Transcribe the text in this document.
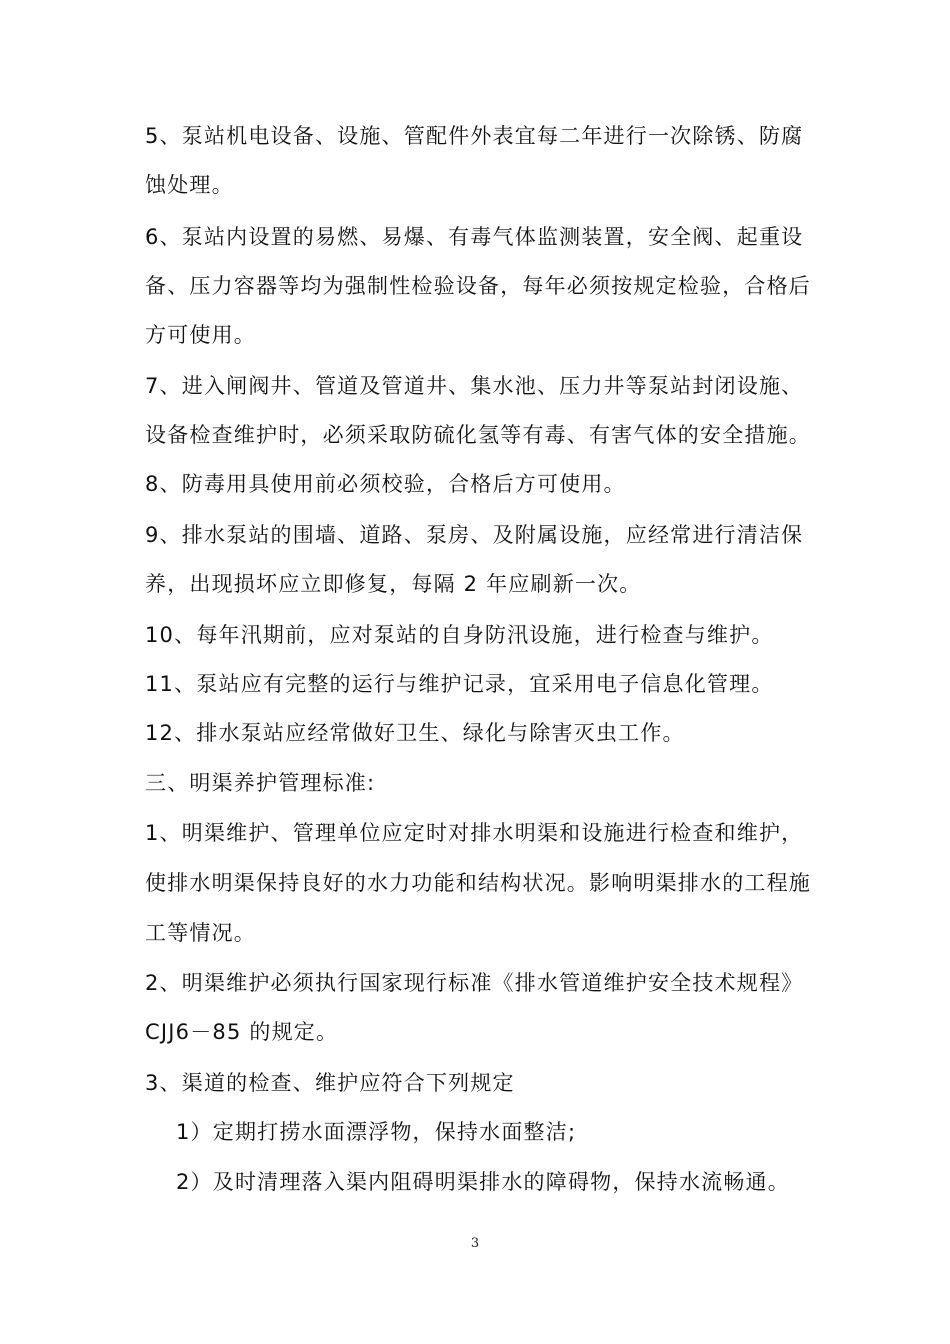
5、泵站机电设备、设施、管配件外表宜每二年进行一次除锈、防腐
蚀处理。
6、泵站内设置的易燃、易爆、有毒气体监测装置，安全阀、起重设
备、压力容器等均为强制性检验设备，每年必须按规定检验，合格后
方可使用。
7、进入闸阀井、管道及管道井、集水池、压力井等泵站封闭设施、
设备检查维护时，必须采取防硫化氢等有毒、有害气体的安全措施。
8、防毒用具使用前必须校验，合格后方可使用。
9、排水泵站的围墙、道路、泵房、及附属设施，应经常进行清洁保
养，出现损坏应立即修复，每隔 2 年应刷新一次。
10、每年汛期前，应对泵站的自身防汛设施，进行检查与维护。
11、泵站应有完整的运行与维护记录，宜采用电子信息化管理。
12、排水泵站应经常做好卫生、绿化与除害灭虫工作。
三、明渠养护管理标准:
1、明渠维护、管理单位应定时对排水明渠和设施进行检查和维护，
使排水明渠保持良好的水力功能和结构状况。影响明渠排水的工程施
工等情况。
2、明渠维护必须执行国家现行标准《排水管道维护安全技术规程》
CJJ6－85 的规定。
3、渠道的检查、维护应符合下列规定
1）定期打捞水面漂浮物，保持水面整洁;
2）及时清理落入渠内阻碍明渠排水的障碍物，保持水流畅通。
3
